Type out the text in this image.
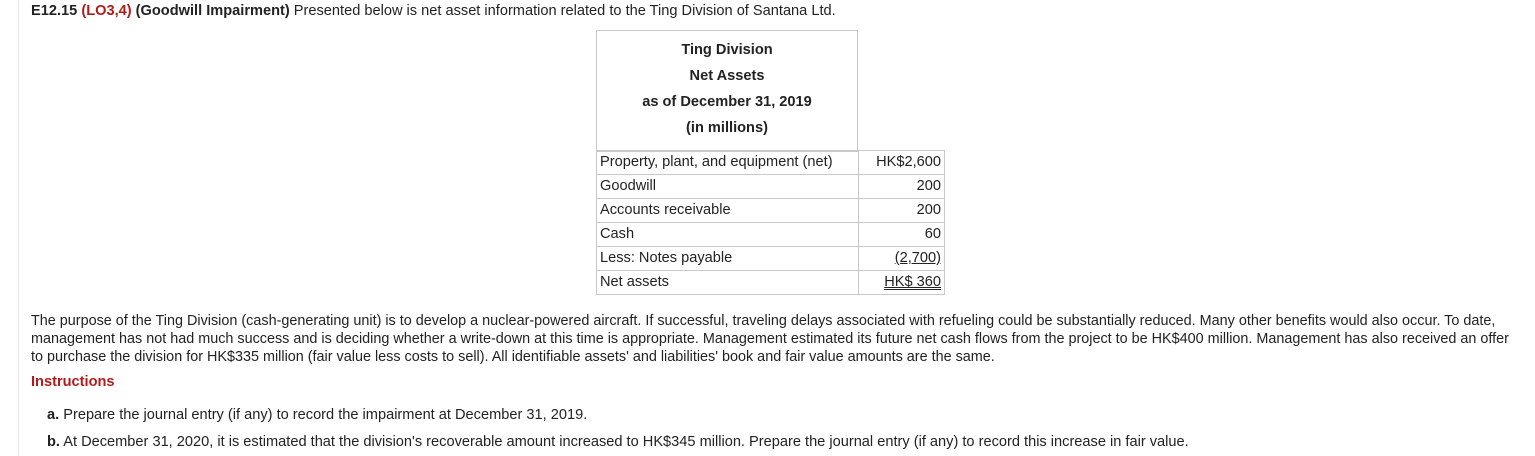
E12.15 (LO3,4) (Goodwill Impairment) Presented below is net asset information related to the Ting Division of Santana Ltd.
Ting Division
Net Assets
as of December 31, 2019
(in millions)
Property, plant, and equipment (net)	HK$2,600
Goodwill	200
Accounts receivable	200
Cash	60
Less: Notes payable	(2,700)
Net assets	HK$ 360
The purpose of the Ting Division (cash-generating unit) is to develop a nuclear-powered aircraft. If successful, traveling delays associated with refueling could be substantially reduced. Many other benefits would also occur. To date, management has not had much success and is deciding whether a write-down at this time is appropriate. Management estimated its future net cash flows from the project to be HK$400 million. Management has also received an offer to purchase the division for HK$335 million (fair value less costs to sell). All identifiable assets' and liabilities' book and fair value amounts are the same.
Instructions
a. Prepare the journal entry (if any) to record the impairment at December 31, 2019.
b. At December 31, 2020, it is estimated that the division's recoverable amount increased to HK$345 million. Prepare the journal entry (if any) to record this increase in fair value.
